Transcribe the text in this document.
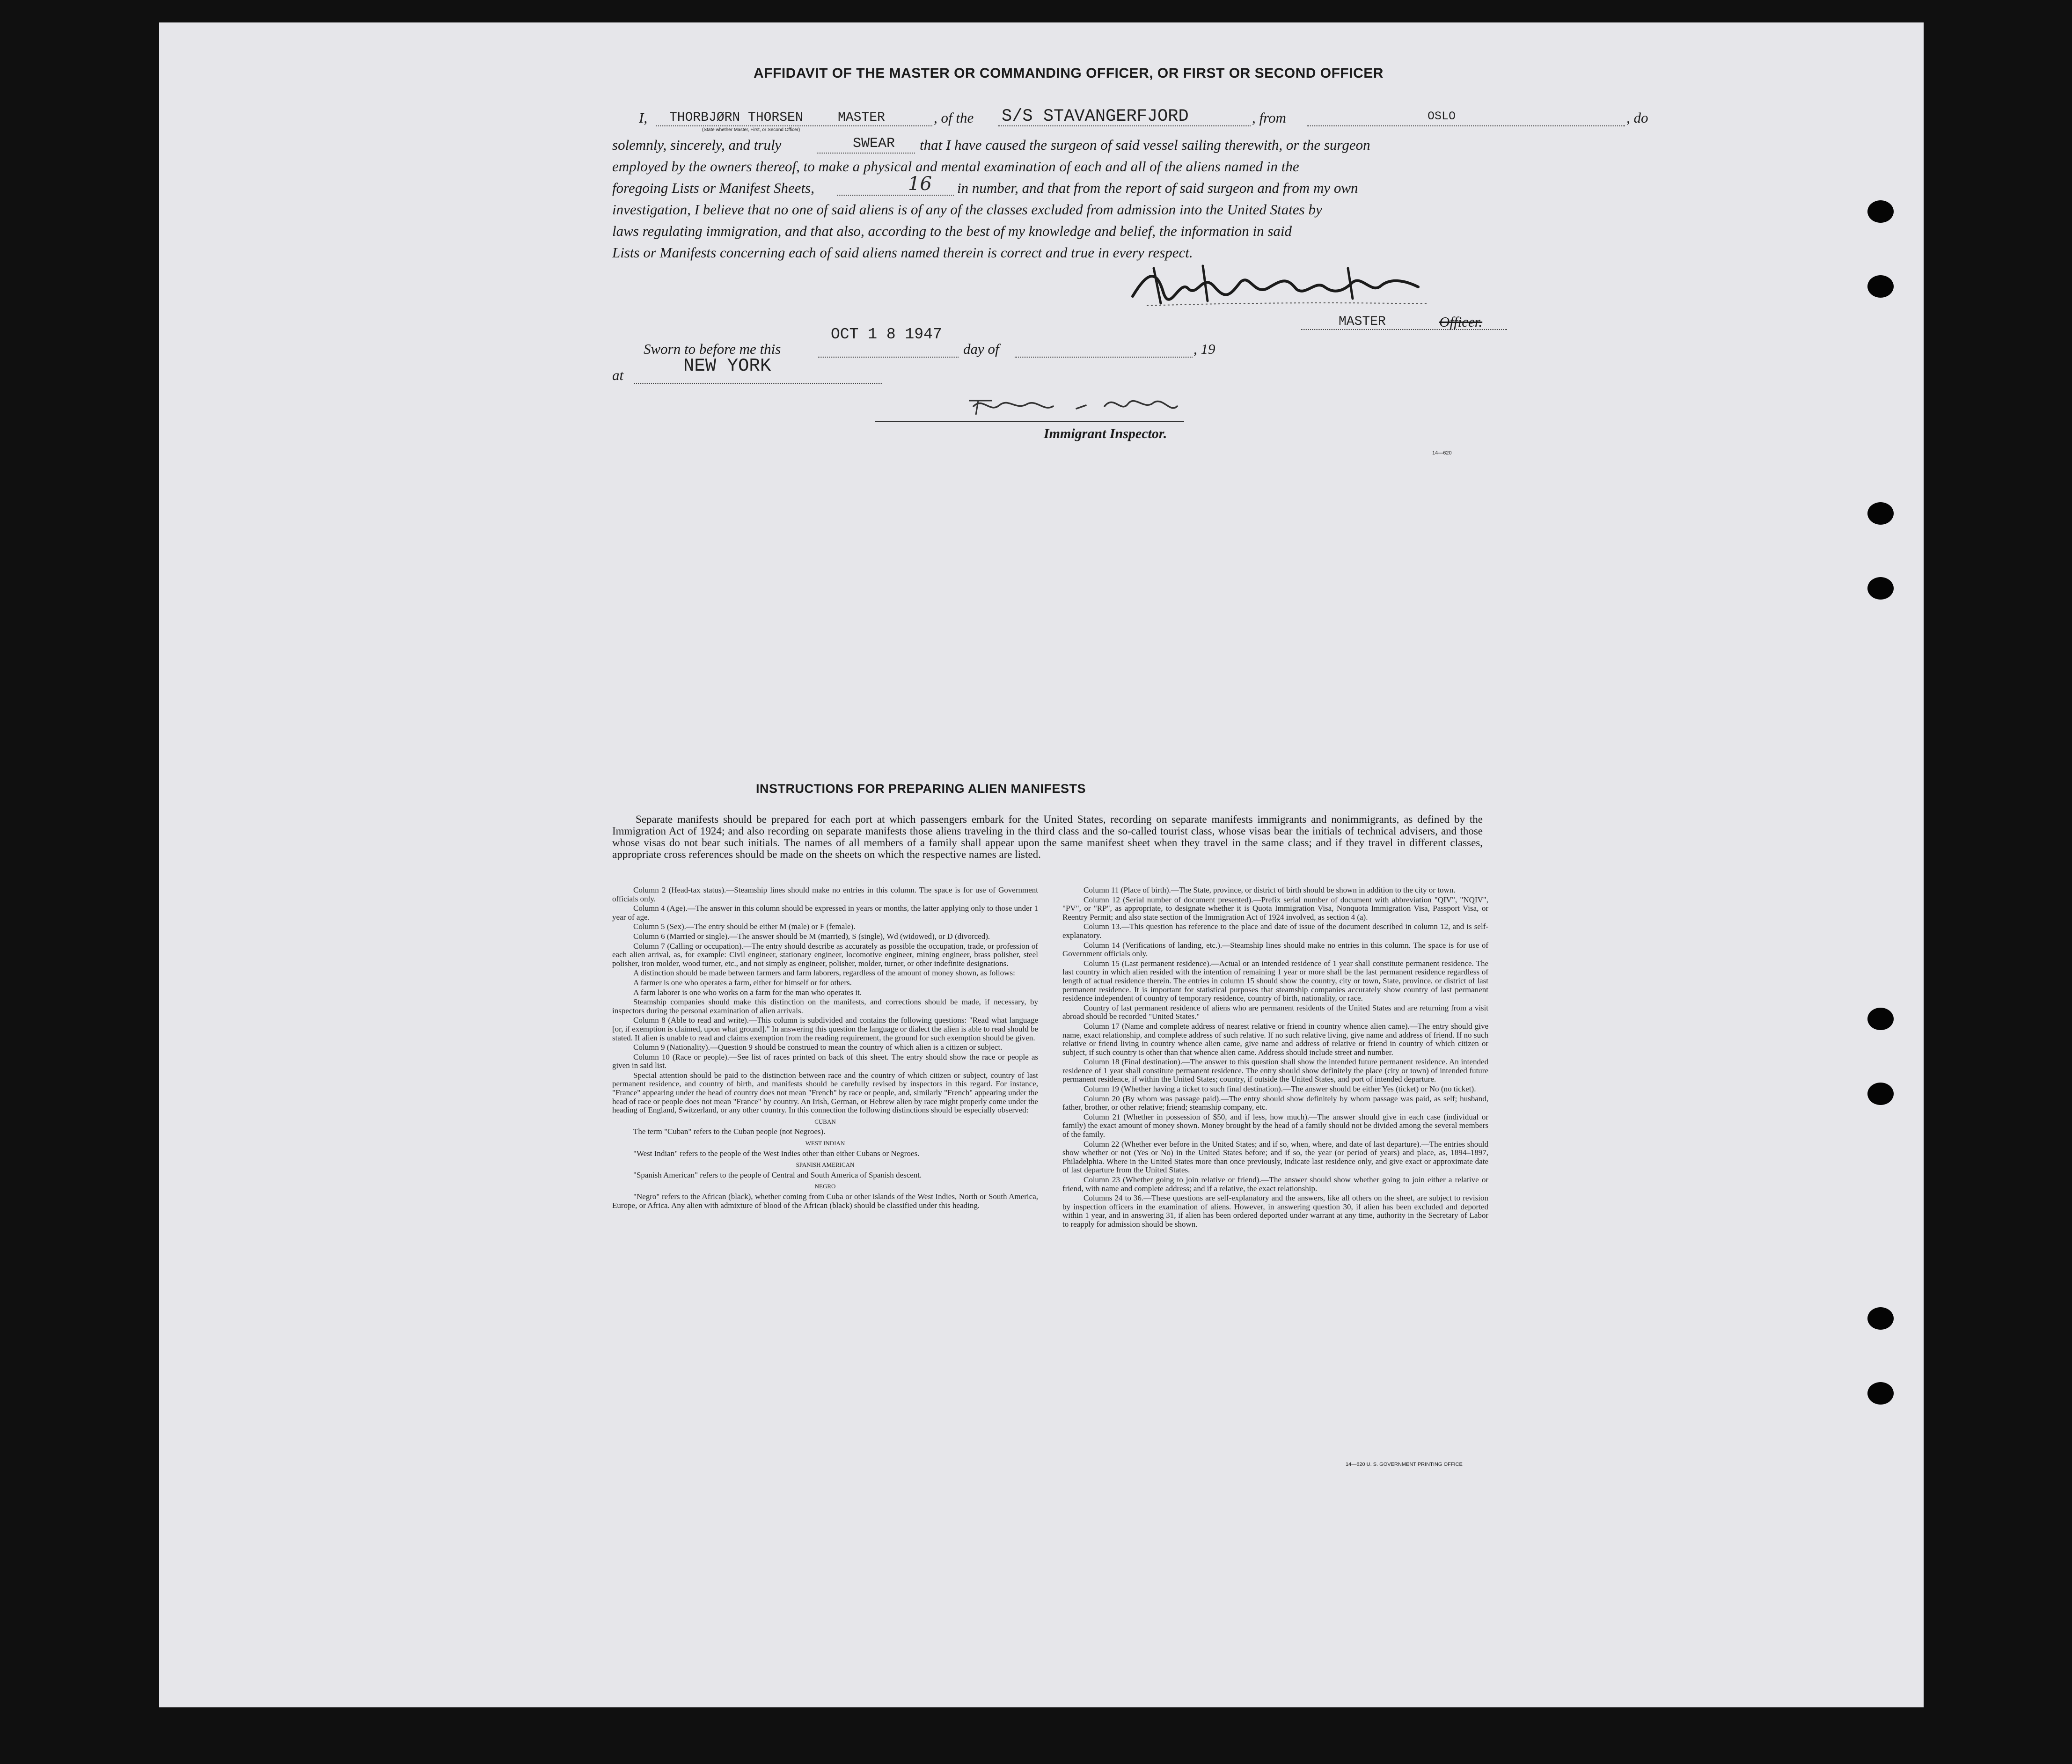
AFFIDAVIT OF THE MASTER OR COMMANDING OFFICER, OR FIRST OR SECOND OFFICER
I, THORBJØRN THORSEN	MASTER
(State whether Master, First, or Second Officer)
, of the S/S STAVANGERFJORD	, from	OSLO	, do
solemnly, sincerely, and truly	SWEAR that I have caused the surgeon of said vessel sailing therewith, or the surgeon
employed by the owners thereof, to make a physical and mental examination of each and all of the aliens named in the
foregoing Lists or Manifest Sheets,	16 in number, and that from the report of said surgeon and from my own
investigation, I believe that no one of said aliens is of any of the classes excluded from admission into the United States by
laws regulating immigration, and that also, according to the best of my knowledge and belief, the information in said
Lists or Manifests concerning each of said aliens named therein is correct and true in every respect.
MASTER	Officer.
Sworn to before me this
OCT 1 8 1947
day of	, 19
at	NEW YORK
Immigrant Inspector.
14—620
INSTRUCTIONS FOR PREPARING ALIEN MANIFESTS
Separate manifests should be prepared for each port at which passengers embark for the United States, recording on separate manifests immigrants and nonimmigrants, as defined by the Immigration Act of 1924; and also recording on separate manifests those aliens traveling in the third class and the so-called tourist class, whose visas bear the initials of technical advisers, and those whose visas do not bear such initials. The names of all members of a family shall appear upon the same manifest sheet when they travel in the same class; and if they travel in different classes, appropriate cross references should be made on the sheets on which the respective names are listed.

Column 2 (Head-tax status).—Steamship lines should make no entries in this column. The space is for use of Government officials only.

Column 4 (Age).—The answer in this column should be expressed in years or months, the latter applying only to those under 1 year of age.

Column 5 (Sex).—The entry should be either M (male) or F (female).

Column 6 (Married or single).—The answer should be M (married), S (single), Wd (widowed), or D (divorced).

Column 7 (Calling or occupation).—The entry should describe as accurately as possible the occupation, trade, or profession of each alien arrival, as, for example: Civil engineer, stationary engineer, locomotive engineer, mining engineer, brass polisher, steel polisher, iron molder, wood turner, etc., and not simply as engineer, polisher, molder, turner, or other indefinite designations.

A distinction should be made between farmers and farm laborers, regardless of the amount of money shown, as follows:

A farmer is one who operates a farm, either for himself or for others.

A farm laborer is one who works on a farm for the man who operates it.

Steamship companies should make this distinction on the manifests, and corrections should be made, if necessary, by inspectors during the personal examination of alien arrivals.

Column 8 (Able to read and write).—This column is subdivided and contains the following questions: "Read what language [or, if exemption is claimed, upon what ground]." In answering this question the language or dialect the alien is able to read should be stated. If alien is unable to read and claims exemption from the reading requirement, the ground for such exemption should be given.

Column 9 (Nationality).—Question 9 should be construed to mean the country of which alien is a citizen or subject.

Column 10 (Race or people).—See list of races printed on back of this sheet. The entry should show the race or people as given in said list.

Special attention should be paid to the distinction between race and the country of which citizen or subject, country of last permanent residence, and country of birth, and manifests should be carefully revised by inspectors in this regard. For instance, "France" appearing under the head of country does not mean "French" by race or people, and, similarly "French" appearing under the head of race or people does not mean "France" by country. An Irish, German, or Hebrew alien by race might properly come under the heading of England, Switzerland, or any other country. In this connection the following distinctions should be especially observed:

CUBAN

The term "Cuban" refers to the Cuban people (not Negroes).

WEST INDIAN

"West Indian" refers to the people of the West Indies other than either Cubans or Negroes.

SPANISH AMERICAN

"Spanish American" refers to the people of Central and South America of Spanish descent.

NEGRO

"Negro" refers to the African (black), whether coming from Cuba or other islands of the West Indies, North or South America, Europe, or Africa. Any alien with admixture of blood of the African (black) should be classified under this heading.

Column 11 (Place of birth).—The State, province, or district of birth should be shown in addition to the city or town.

Column 12 (Serial number of document presented).—Prefix serial number of document with abbreviation "QIV", "NQIV", "PV", or "RP", as appropriate, to designate whether it is Quota Immigration Visa, Nonquota Immigration Visa, Passport Visa, or Reentry Permit; and also state section of the Immigration Act of 1924 involved, as section 4 (a).

Column 13.—This question has reference to the place and date of issue of the document described in column 12, and is self-explanatory.

Column 14 (Verifications of landing, etc.).—Steamship lines should make no entries in this column. The space is for use of Government officials only.

Column 15 (Last permanent residence).—Actual or an intended residence of 1 year shall constitute permanent residence. The last country in which alien resided with the intention of remaining 1 year or more shall be the last permanent residence regardless of length of actual residence therein. The entries in column 15 should show the country, city or town, State, province, or district of last permanent residence. It is important for statistical purposes that steamship companies accurately show country of last permanent residence independent of country of temporary residence, country of birth, nationality, or race.

Country of last permanent residence of aliens who are permanent residents of the United States and are returning from a visit abroad should be recorded "United States."

Column 17 (Name and complete address of nearest relative or friend in country whence alien came).—The entry should give name, exact relationship, and complete address of such relative. If no such relative living, give name and address of friend. If no such relative or friend living in country whence alien came, give name and address of relative or friend in country of which citizen or subject, if such country is other than that whence alien came. Address should include street and number.

Column 18 (Final destination).—The answer to this question shall show the intended future permanent residence. An intended residence of 1 year shall constitute permanent residence. The entry should show definitely the place (city or town) of intended future permanent residence, if within the United States; country, if outside the United States, and port of intended departure.

Column 19 (Whether having a ticket to such final destination).—The answer should be either Yes (ticket) or No (no ticket).

Column 20 (By whom was passage paid).—The entry should show definitely by whom passage was paid, as self; husband, father, brother, or other relative; friend; steamship company, etc.

Column 21 (Whether in possession of $50, and if less, how much).—The answer should give in each case (individual or family) the exact amount of money shown. Money brought by the head of a family should not be divided among the several members of the family.

Column 22 (Whether ever before in the United States; and if so, when, where, and date of last departure).—The entries should show whether or not (Yes or No) in the United States before; and if so, the year (or period of years) and place, as, 1894–1897, Philadelphia. Where in the United States more than once previously, indicate last residence only, and give exact or approximate date of last departure from the United States.

Column 23 (Whether going to join relative or friend).—The answer should show whether going to join either a relative or friend, with name and complete address; and if a relative, the exact relationship.

Columns 24 to 36.—These questions are self-explanatory and the answers, like all others on the sheet, are subject to revision by inspection officers in the examination of aliens. However, in answering question 30, if alien has been excluded and deported within 1 year, and in answering 31, if alien has been ordered deported under warrant at any time, authority in the Secretary of Labor to reapply for admission should be shown.

14—620 U. S. GOVERNMENT PRINTING OFFICE
